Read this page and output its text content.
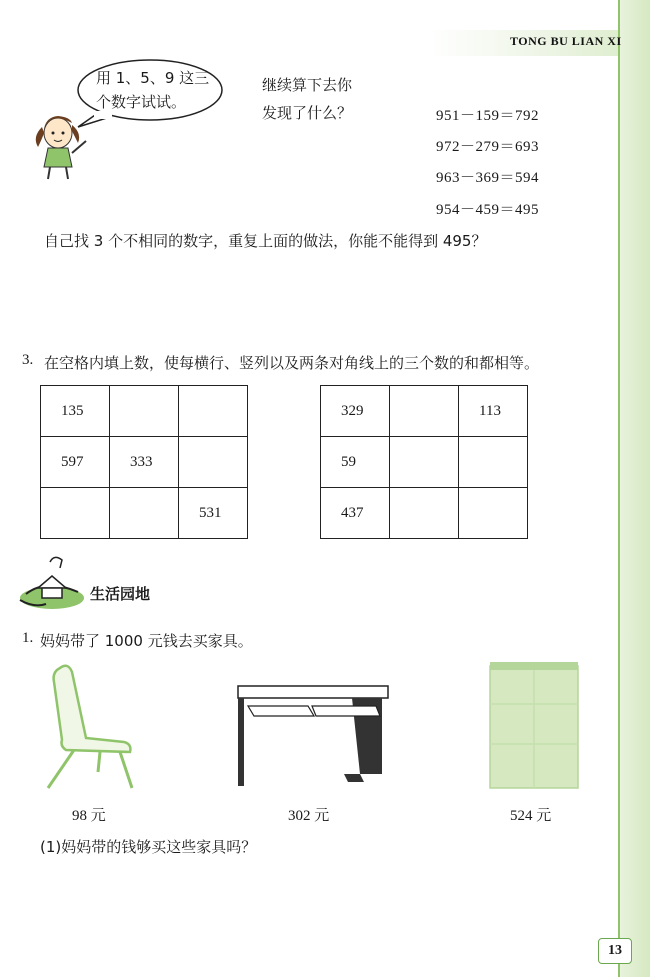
TONG BU LIAN XI
用 1、5、9 这三
个数字试试。
继续算下去你
发现了什么？	951－159＝792
972－279＝693
963－369＝594
954－459＝495
自己找 3 个不相同的数字，重复上面的做法，你能不能得到 495？
3. 在空格内填上数，使每横行、竖列以及两条对角线上的三个数的和都相等。
135		
597	333	
		531
329		113
59		
437		
生活园地
1. 妈妈带了 1000 元钱去买家具。
98 元	302 元	524 元
(1)妈妈带的钱够买这些家具吗？
13
